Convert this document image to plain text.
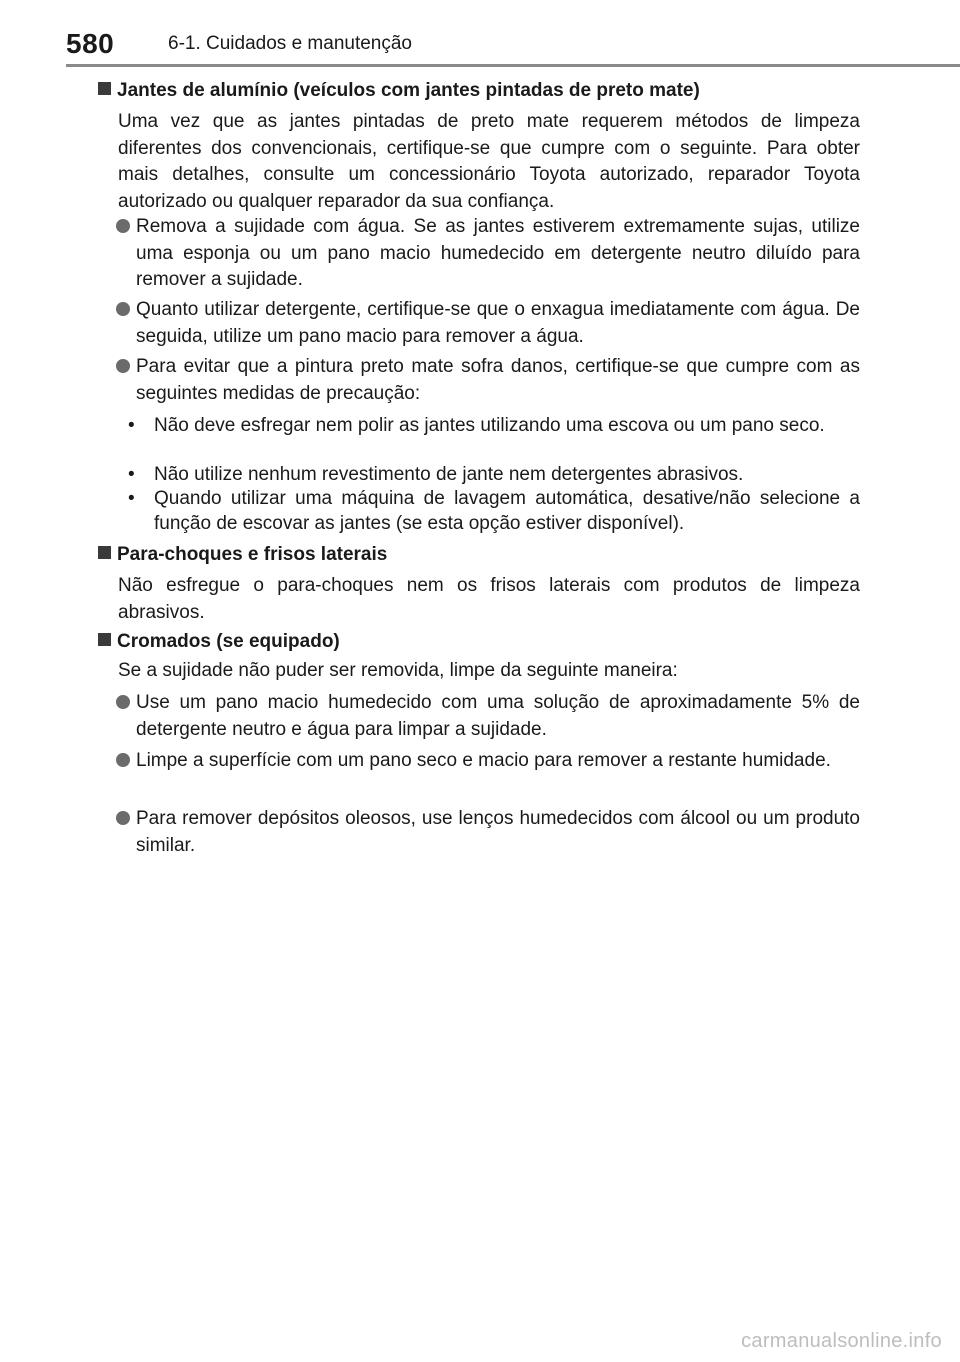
580	6-1. Cuidados e manutenção
Jantes de alumínio (veículos com jantes pintadas de preto mate)
Uma vez que as jantes pintadas de preto mate requerem métodos de limpeza diferentes dos convencionais, certifique-se que cumpre com o seguinte. Para obter mais detalhes, consulte um concessionário Toyota autorizado, reparador Toyota autorizado ou qualquer reparador da sua confiança.
Remova a sujidade com água. Se as jantes estiverem extremamente sujas, utilize uma esponja ou um pano macio humedecido em detergente neutro diluído para remover a sujidade.
Quanto utilizar detergente, certifique-se que o enxagua imediatamente com água. De seguida, utilize um pano macio para remover a água.
Para evitar que a pintura preto mate sofra danos, certifique-se que cumpre com as seguintes medidas de precaução:
•	Não deve esfregar nem polir as jantes utilizando uma escova ou um pano seco.
•	Não utilize nenhum revestimento de jante nem detergentes abrasivos.
•	Quando utilizar uma máquina de lavagem automática, desative/não selecione a função de escovar as jantes (se esta opção estiver disponível).
Para-choques e frisos laterais
Não esfregue o para-choques nem os frisos laterais com produtos de limpeza abrasivos.
Cromados (se equipado)
Se a sujidade não puder ser removida, limpe da seguinte maneira:
Use um pano macio humedecido com uma solução de aproximadamente 5% de detergente neutro e água para limpar a sujidade.
Limpe a superfície com um pano seco e macio para remover a restante humidade.
Para remover depósitos oleosos, use lenços humedecidos com álcool ou um produto similar.
carmanualsonline.info
